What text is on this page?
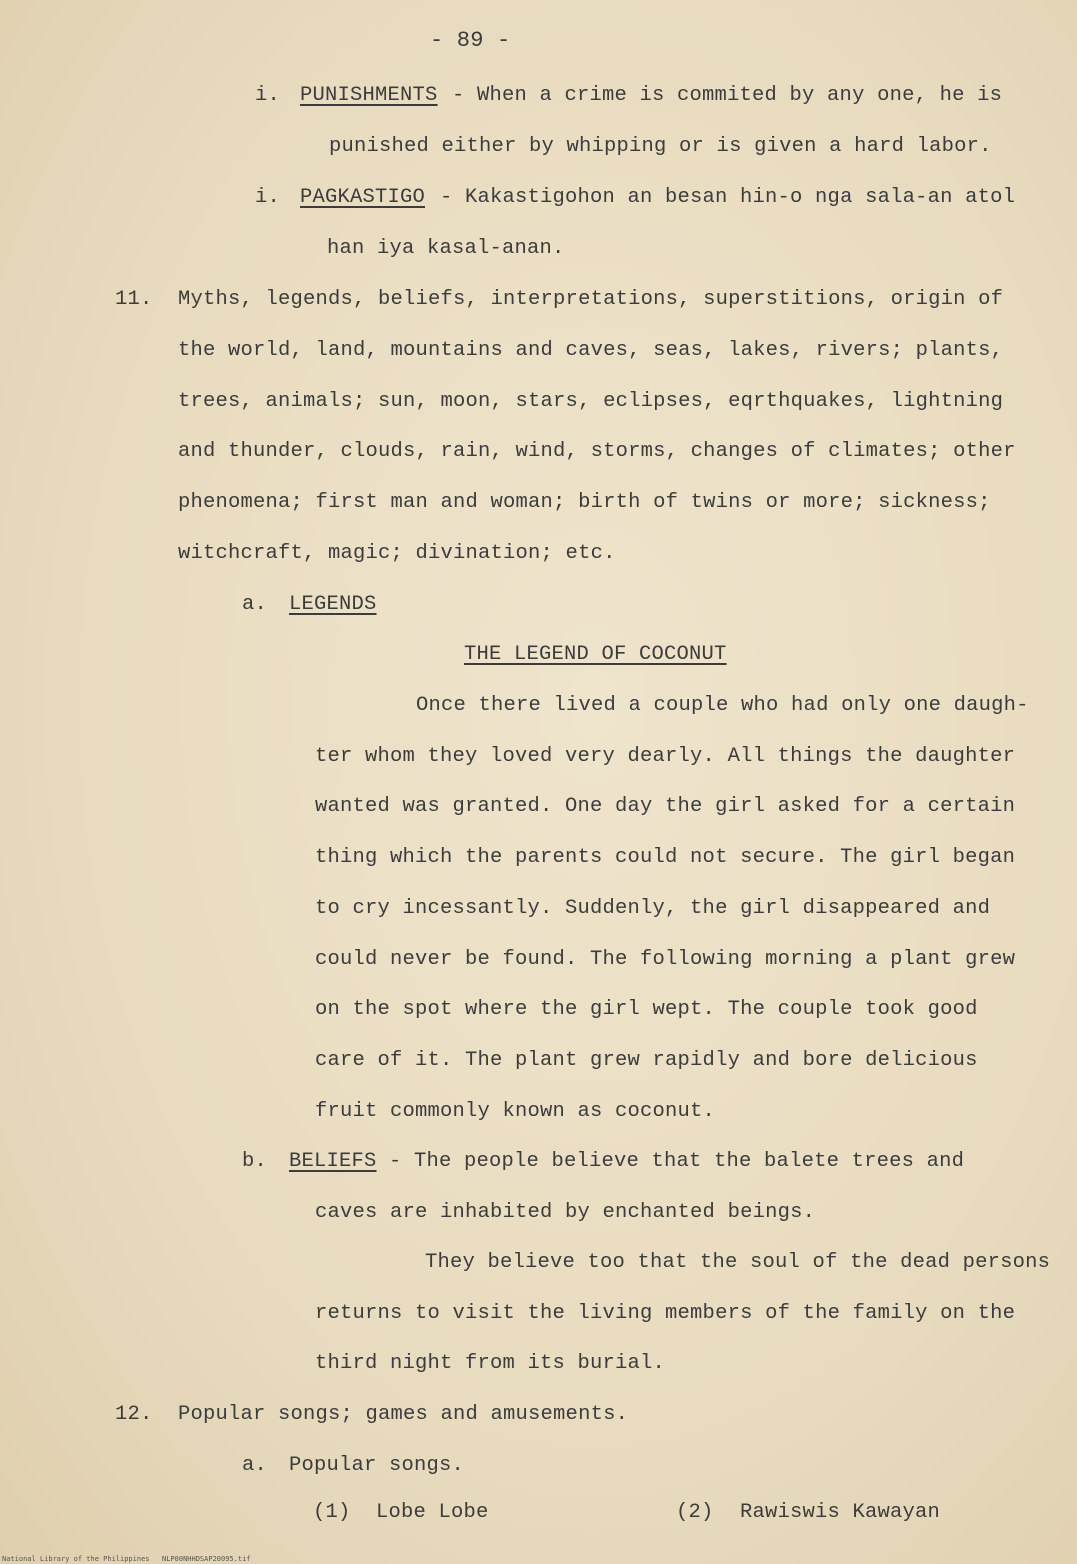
- 89 -
i. PUNISHMENTS - When a crime is commited by any one, he is
punished either by whipping or is given a hard labor.
i. PAGKASTIGO - Kakastigohon an besan hin-o nga sala-an atol
han iya kasal-anan.
11. Myths, legends, beliefs, interpretations, superstitions, origin of
the world, land, mountains and caves, seas, lakes, rivers; plants,
trees, animals; sun, moon, stars, eclipses, eqrthquakes, lightning
and thunder, clouds, rain, wind, storms, changes of climates; other
phenomena; first man and woman; birth of twins or more; sickness;
witchcraft, magic; divination; etc.
a. LEGENDS
THE LEGEND OF COCONUT
Once there lived a couple who had only one daugh-
ter whom they loved very dearly. All things the daughter
wanted was granted. One day the girl asked for a certain
thing which the parents could not secure. The girl began
to cry incessantly. Suddenly, the girl disappeared and
could never be found. The following morning a plant grew
on the spot where the girl wept. The couple took good
care of it. The plant grew rapidly and bore delicious
fruit commonly known as coconut.
b. BELIEFS - The people believe that the balete trees and
caves are inhabited by enchanted beings.
They believe too that the soul of the dead persons
returns to visit the living members of the family on the
third night from its burial.
12. Popular songs; games and amusements.
a. Popular songs.
(1) Lobe Lobe	(2) Rawiswis Kawayan
National Library of the Philippines NLP00NHHDSAP20095.tif
